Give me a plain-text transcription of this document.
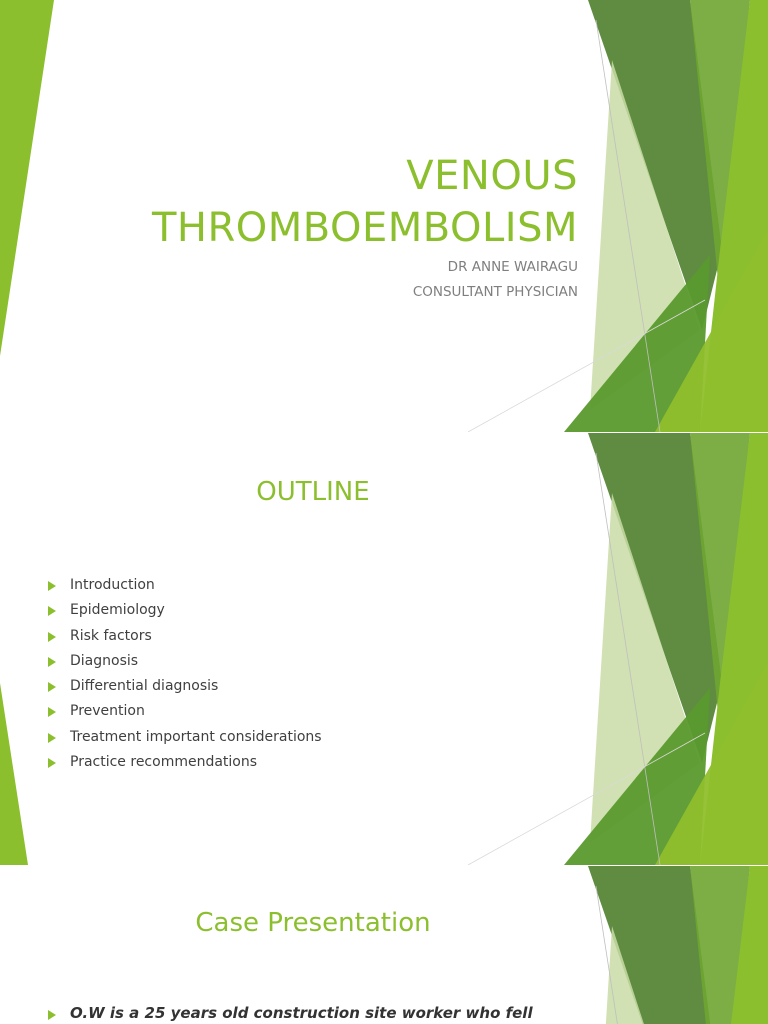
VENOUS
THROMBOEMBOLISM
DR ANNE WAIRAGU
CONSULTANT PHYSICIAN
OUTLINE
Introduction
Epidemiology
Risk factors
Diagnosis
Differential diagnosis
Prevention
Treatment important considerations
Practice recommendations
Case Presentation
O.W is a 25 years old construction site worker who fell
